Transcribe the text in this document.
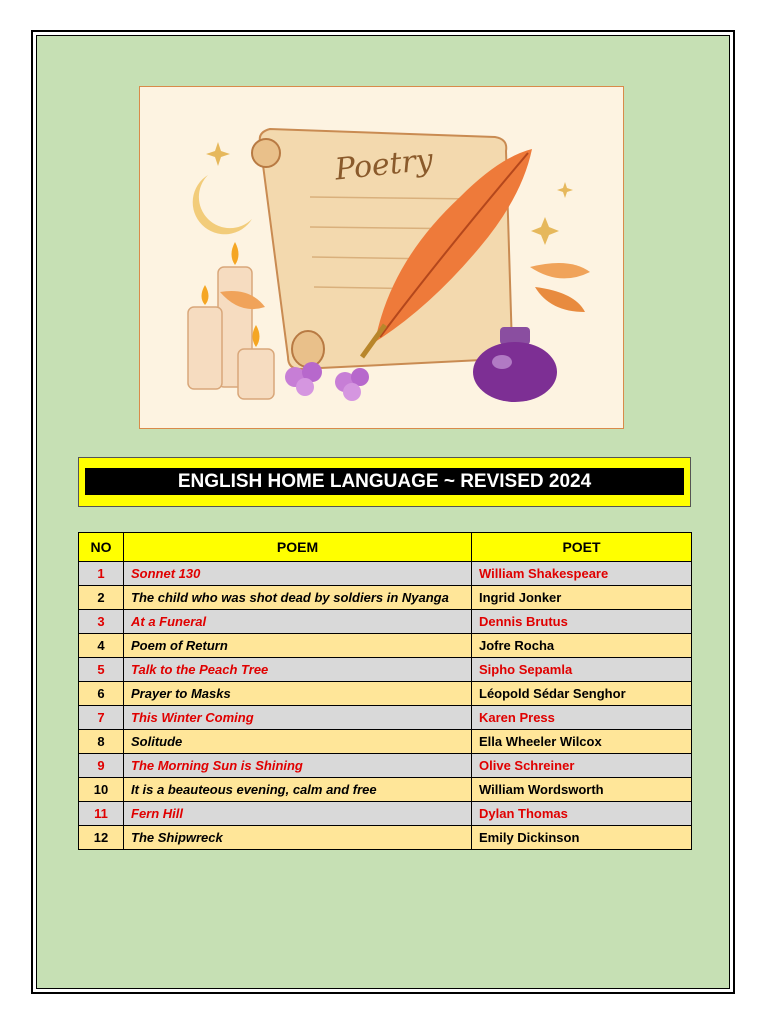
Poetry
ENGLISH HOME LANGUAGE ~ REVISED 2024
NO	POEM	POET
1	Sonnet 130	William Shakespeare
2	The child who was shot dead by soldiers in Nyanga	Ingrid Jonker
3	At a Funeral	Dennis Brutus
4	Poem of Return	Jofre Rocha
5	Talk to the Peach Tree	Sipho Sepamla
6	Prayer to Masks	Léopold Sédar Senghor
7	This Winter Coming	Karen Press
8	Solitude	Ella Wheeler Wilcox
9	The Morning Sun is Shining	Olive Schreiner
10	It is a beauteous evening, calm and free	William Wordsworth
11	Fern Hill	Dylan Thomas
12	The Shipwreck	Emily Dickinson
